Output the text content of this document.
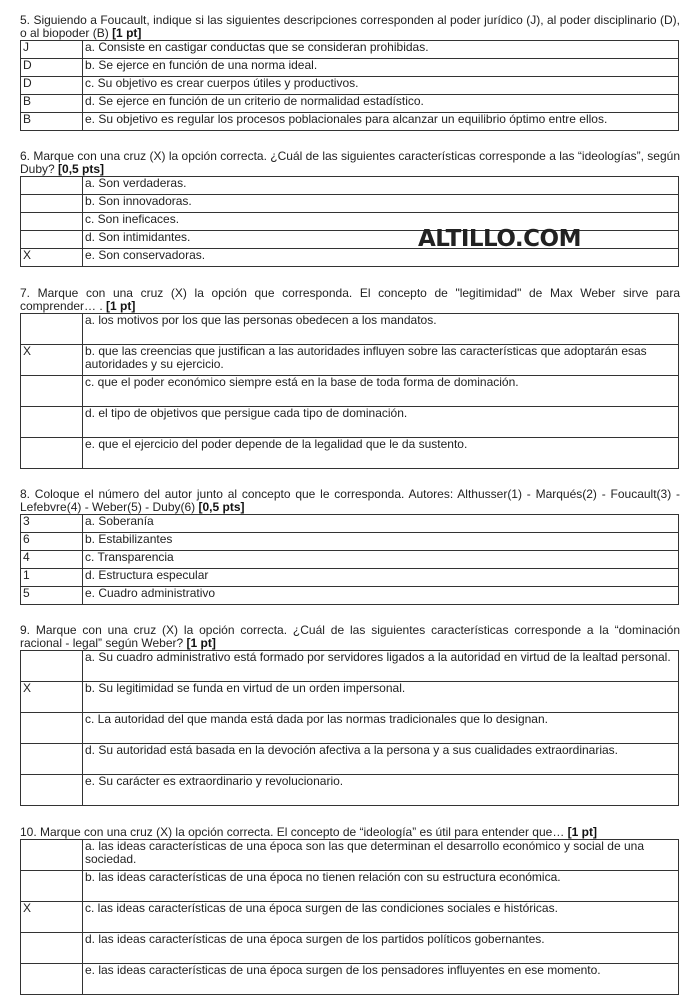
5. Siguiendo a Foucault, indique si las siguientes descripciones corresponden al poder jurídico (J), al poder disciplinario (D), o al biopoder (B) [1 pt]

J	a. Consiste en castigar conductas que se consideran prohibidas.
D	b. Se ejerce en función de una norma ideal.
D	c. Su objetivo es crear cuerpos útiles y productivos.
B	d. Se ejerce en función de un criterio de normalidad estadístico.
B	e. Su objetivo es regular los procesos poblacionales para alcanzar un equilibrio óptimo entre ellos.

6. Marque con una cruz (X) la opción correcta. ¿Cuál de las siguientes características corresponde a las “ideologías”, según Duby? [0,5 pts]

	a. Son verdaderas.
	b. Son innovadoras.
	c. Son ineficaces.
	d. Son intimidantes.
X	e. Son conservadoras.
ALTILLO.COM

7. Marque con una cruz (X) la opción que corresponda. El concepto de "legitimidad" de Max Weber sirve para comprender… . [1 pt]

	a. los motivos por los que las personas obedecen a los mandatos.
X	b. que las creencias que justifican a las autoridades influyen sobre las características que adoptarán esas autoridades y su ejercicio.
	c. que el poder económico siempre está en la base de toda forma de dominación.
	d. el tipo de objetivos que persigue cada tipo de dominación.
	e. que el ejercicio del poder depende de la legalidad que le da sustento.

8. Coloque el número del autor junto al concepto que le corresponda. Autores: Althusser(1) - Marqués(2) - Foucault(3) - Lefebvre(4) - Weber(5) - Duby(6) [0,5 pts]

3	a. Soberanía
6	b. Estabilizantes
4	c. Transparencia
1	d. Estructura especular
5	e. Cuadro administrativo

9. Marque con una cruz (X) la opción correcta. ¿Cuál de las siguientes características corresponde a la “dominación racional - legal” según Weber? [1 pt]

	a. Su cuadro administrativo está formado por servidores ligados a la autoridad en virtud de la lealtad personal.
X	b. Su legitimidad se funda en virtud de un orden impersonal.
	c. La autoridad del que manda está dada por las normas tradicionales que lo designan.
	d. Su autoridad está basada en la devoción afectiva a la persona y a sus cualidades extraordinarias.
	e. Su carácter es extraordinario y revolucionario.

10. Marque con una cruz (X) la opción correcta. El concepto de “ideología” es útil para entender que… [1 pt]

	a. las ideas características de una época son las que determinan el desarrollo económico y social de una sociedad.
	b. las ideas características de una época no tienen relación con su estructura económica.
X	c. las ideas características de una época surgen de las condiciones sociales e históricas.
	d. las ideas características de una época surgen de los partidos políticos gobernantes.
	e. las ideas características de una época surgen de los pensadores influyentes en ese momento.
